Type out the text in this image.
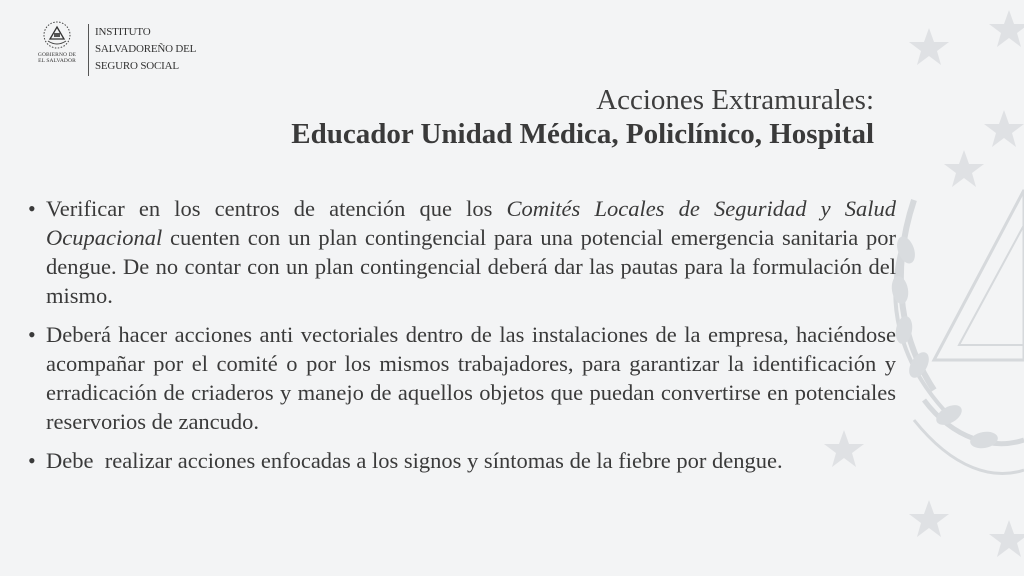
GOBIERNO DE
EL SALVADOR
INSTITUTO
SALVADOREÑO DEL
SEGURO SOCIAL
Acciones Extramurales:
Educador Unidad Médica, Policlínico, Hospital
• Verificar en los centros de atención que los Comités Locales de Seguridad y Salud Ocupacional cuenten con un plan contingencial para una potencial emergencia sanitaria por dengue. De no contar con un plan contingencial deberá dar las pautas para la formulación del mismo.
• Deberá hacer acciones anti vectoriales dentro de las instalaciones de la empresa, haciéndose acompañar por el comité o por los mismos trabajadores, para garantizar la identificación y erradicación de criaderos y manejo de aquellos objetos que puedan convertirse en potenciales reservorios de zancudo.
• Debe  realizar acciones enfocadas a los signos y síntomas de la fiebre por dengue.
